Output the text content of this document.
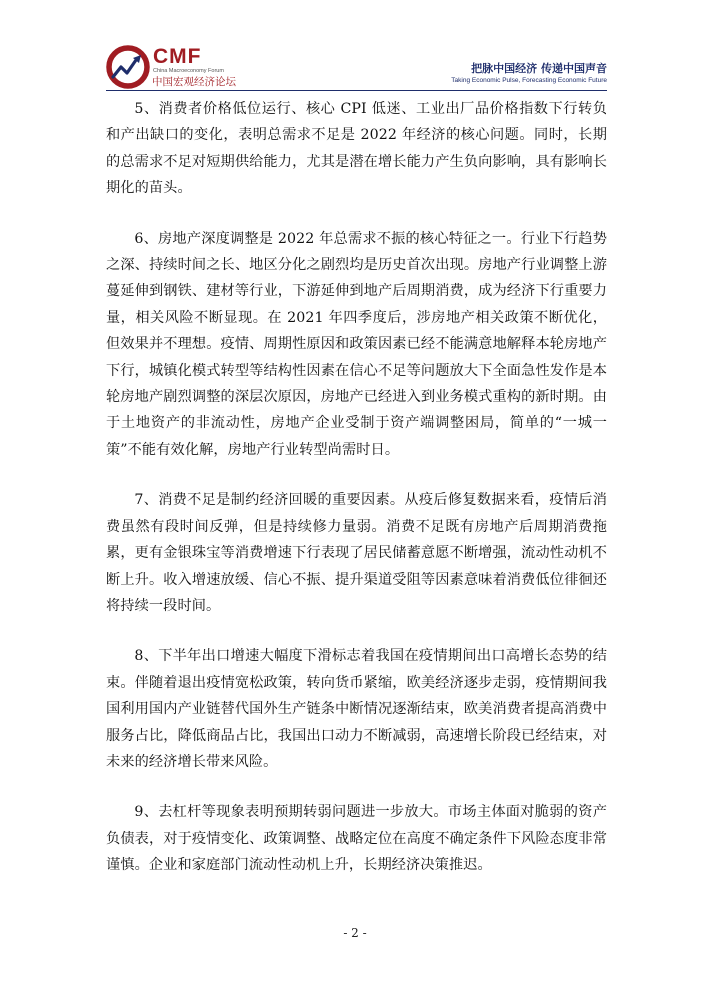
CMF
China Macroeconomy Forum
中国宏观经济论坛
把脉中国经济 传递中国声音
Taking Economic Pulse, Forecasting Economic Future

5、消费者价格低位运行、核心 CPI 低迷、工业出厂品价格指数下行转负和产出缺口的变化，表明总需求不足是 2022 年经济的核心问题。同时，长期的总需求不足对短期供给能力，尤其是潜在增长能力产生负向影响，具有影响长期化的苗头。

6、房地产深度调整是 2022 年总需求不振的核心特征之一。行业下行趋势之深、持续时间之长、地区分化之剧烈均是历史首次出现。房地产行业调整上游蔓延伸到钢铁、建材等行业，下游延伸到地产后周期消费，成为经济下行重要力量，相关风险不断显现。在 2021 年四季度后，涉房地产相关政策不断优化，但效果并不理想。疫情、周期性原因和政策因素已经不能满意地解释本轮房地产下行，城镇化模式转型等结构性因素在信心不足等问题放大下全面急性发作是本轮房地产剧烈调整的深层次原因，房地产已经进入到业务模式重构的新时期。由于土地资产的非流动性，房地产企业受制于资产端调整困局，简单的“一城一策”不能有效化解，房地产行业转型尚需时日。

7、消费不足是制约经济回暖的重要因素。从疫后修复数据来看，疫情后消费虽然有段时间反弹，但是持续修力量弱。消费不足既有房地产后周期消费拖累，更有金银珠宝等消费增速下行表现了居民储蓄意愿不断增强，流动性动机不断上升。收入增速放缓、信心不振、提升渠道受阻等因素意味着消费低位徘徊还将持续一段时间。

8、下半年出口增速大幅度下滑标志着我国在疫情期间出口高增长态势的结束。伴随着退出疫情宽松政策，转向货币紧缩，欧美经济逐步走弱，疫情期间我国利用国内产业链替代国外生产链条中断情况逐渐结束，欧美消费者提高消费中服务占比，降低商品占比，我国出口动力不断减弱，高速增长阶段已经结束，对未来的经济增长带来风险。

9、去杠杆等现象表明预期转弱问题进一步放大。市场主体面对脆弱的资产负债表，对于疫情变化、政策调整、战略定位在高度不确定条件下风险态度非常谨慎。企业和家庭部门流动性动机上升，长期经济决策推迟。

- 2 -
